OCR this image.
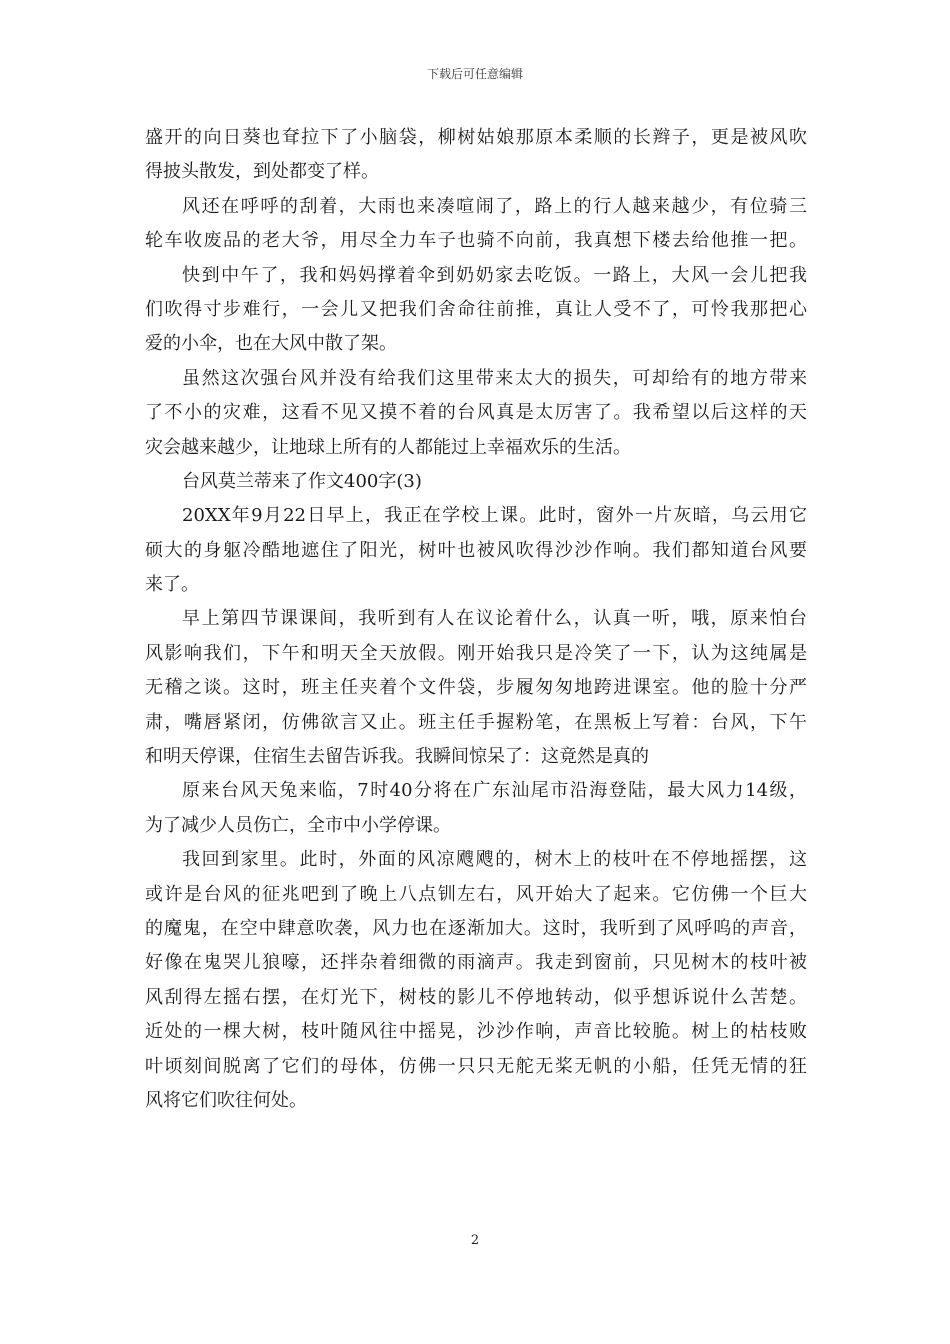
下载后可任意编辑
盛开的向日葵也耷拉下了小脑袋，柳树姑娘那原本柔顺的长辫子，更是被风吹
得披头散发，到处都变了样。
风还在呼呼的刮着，大雨也来凑喧闹了，路上的行人越来越少，有位骑三
轮车收废品的老大爷，用尽全力车子也骑不向前，我真想下楼去给他推一把。
快到中午了，我和妈妈撑着伞到奶奶家去吃饭。一路上，大风一会儿把我
们吹得寸步难行，一会儿又把我们舍命往前推，真让人受不了，可怜我那把心
爱的小伞，也在大风中散了架。
虽然这次强台风并没有给我们这里带来太大的损失，可却给有的地方带来
了不小的灾难，这看不见又摸不着的台风真是太厉害了。我希望以后这样的天
灾会越来越少，让地球上所有的人都能过上幸福欢乐的生活。
台风莫兰蒂来了作文400字(3)
20XX年9月22日早上，我正在学校上课。此时，窗外一片灰暗，乌云用它
硕大的身躯冷酷地遮住了阳光，树叶也被风吹得沙沙作响。我们都知道台风要
来了。
早上第四节课课间，我听到有人在议论着什么，认真一听，哦，原来怕台
风影响我们，下午和明天全天放假。刚开始我只是冷笑了一下，认为这纯属是
无稽之谈。这时，班主任夹着个文件袋，步履匆匆地跨进课室。他的脸十分严
肃，嘴唇紧闭，仿佛欲言又止。班主任手握粉笔，在黑板上写着：台风，下午
和明天停课，住宿生去留告诉我。我瞬间惊呆了：这竟然是真的
原来台风天兔来临，7时40分将在广东汕尾市沿海登陆，最大风力14级，
为了减少人员伤亡，全市中小学停课。
我回到家里。此时，外面的风凉飕飕的，树木上的枝叶在不停地摇摆，这
或许是台风的征兆吧到了晚上八点钏左右，风开始大了起来。它仿佛一个巨大
的魔鬼，在空中肆意吹袭，风力也在逐渐加大。这时，我听到了风呼呜的声音，
好像在鬼哭儿狼嚎，还拌杂着细微的雨滴声。我走到窗前，只见树木的枝叶被
风刮得左摇右摆，在灯光下，树枝的影儿不停地转动，似乎想诉说什么苦楚。
近处的一棵大树，枝叶随风往中摇晃，沙沙作响，声音比较脆。树上的枯枝败
叶顷刻间脱离了它们的母体，仿佛一只只无舵无桨无帆的小船，任凭无情的狂
风将它们吹往何处。
2
